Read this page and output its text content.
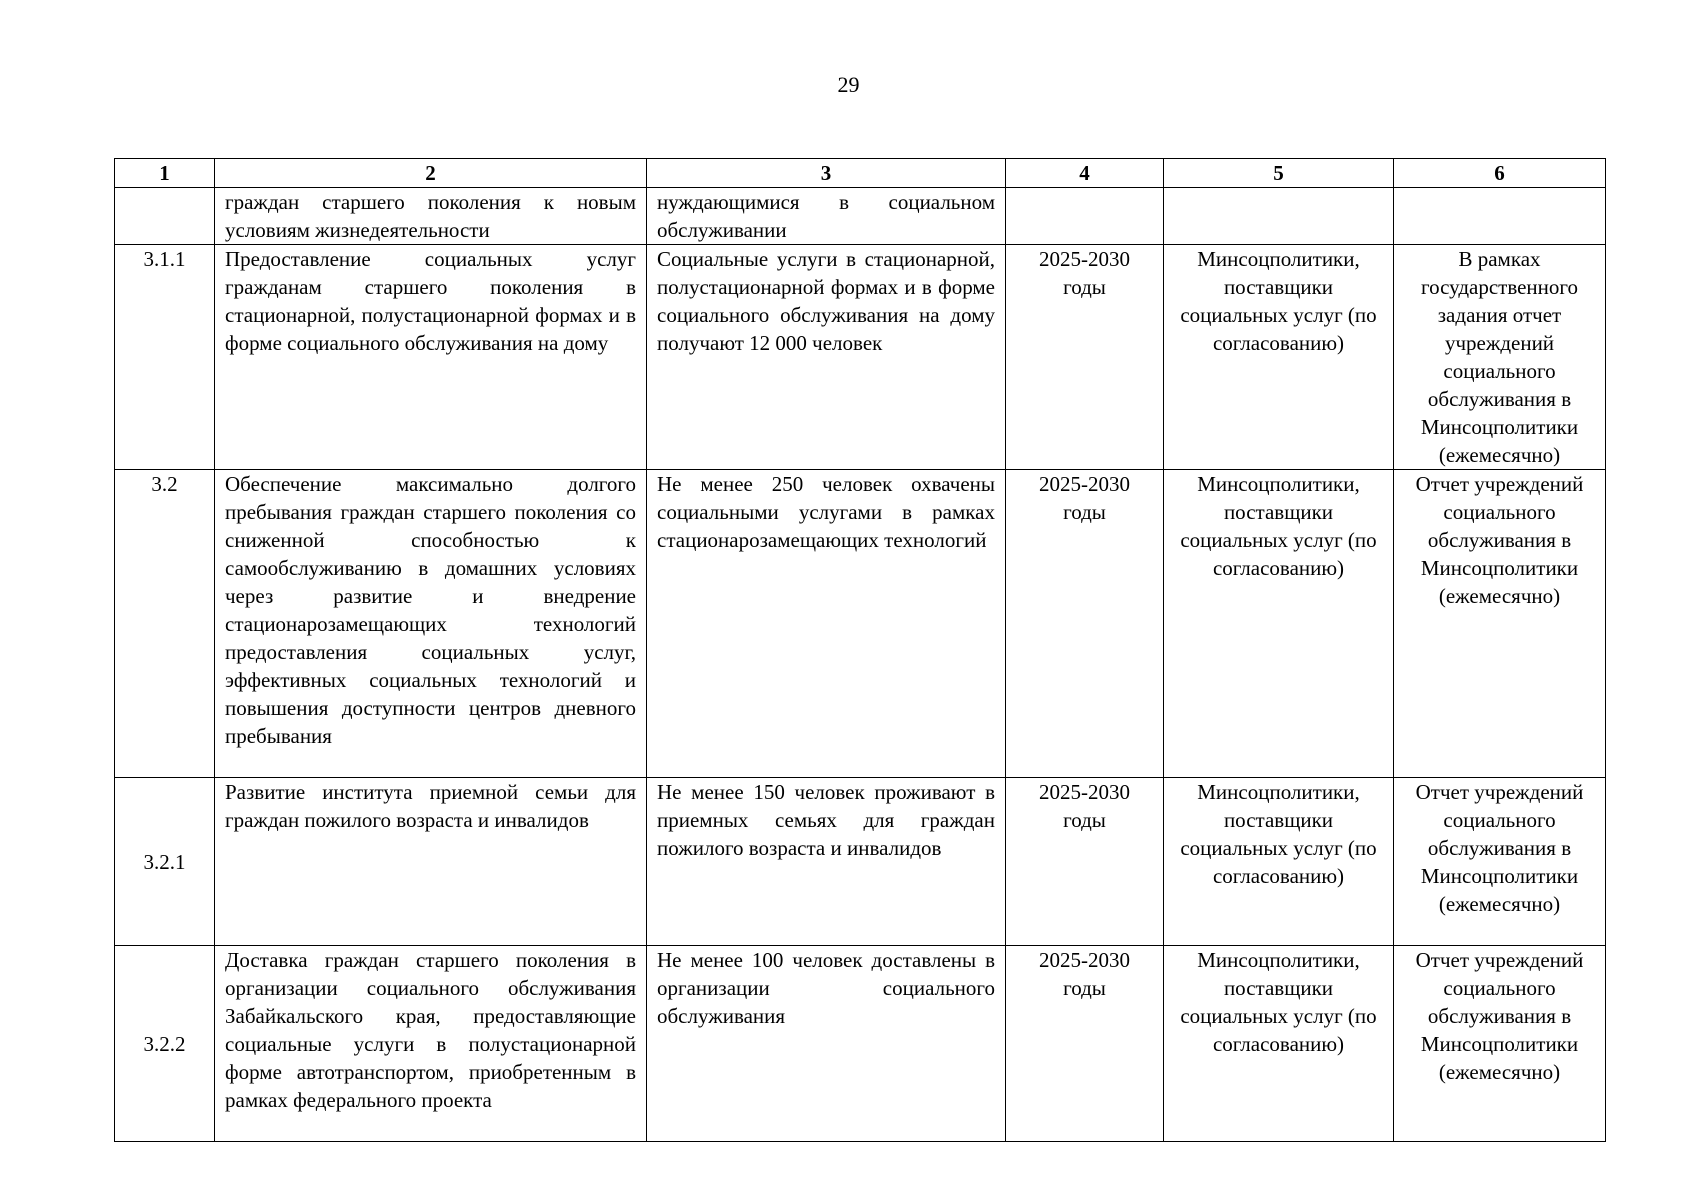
29
1	2	3	4	5	6
	граждан старшего поколения к новым условиям жизнедеятельности	нуждающимися в социальном обслуживании			
3.1.1	Предоставление социальных услуг гражданам старшего поколения в стационарной, полустационарной формах и в форме социального обслуживания на дому	Социальные услуги в стационарной, полустационарной формах и в форме социального обслуживания на дому получают 12 000 человек	2025-2030 годы	Минсоцполитики, поставщики социальных услуг (по согласованию)	В рамках государственного задания отчет учреждений социального обслуживания в Минсоцполитики (ежемесячно)
3.2	Обеспечение максимально долгого пребывания граждан старшего поколения со сниженной способностью к самообслуживанию в домашних условиях через развитие и внедрение стационарозамещающих технологий предоставления социальных услуг, эффективных социальных технологий и повышения доступности центров дневного пребывания	Не менее 250 человек охвачены социальными услугами в рамках стационарозамещающих технологий	2025-2030 годы	Минсоцполитики, поставщики социальных услуг (по согласованию)	Отчет учреждений социального обслуживания в Минсоцполитики (ежемесячно)
3.2.1	Развитие института приемной семьи для граждан пожилого возраста и инвалидов	Не менее 150 человек проживают в приемных семьях для граждан пожилого возраста и инвалидов	2025-2030 годы	Минсоцполитики, поставщики социальных услуг (по согласованию)	Отчет учреждений социального обслуживания в Минсоцполитики (ежемесячно)
3.2.2	Доставка граждан старшего поколения в организации социального обслуживания Забайкальского края, предоставляющие социальные услуги в полустационарной форме автотранспортом, приобретенным в рамках федерального проекта	Не менее 100 человек доставлены в организации социального обслуживания	2025-2030 годы	Минсоцполитики, поставщики социальных услуг (по согласованию)	Отчет учреждений социального обслуживания в Минсоцполитики (ежемесячно)
